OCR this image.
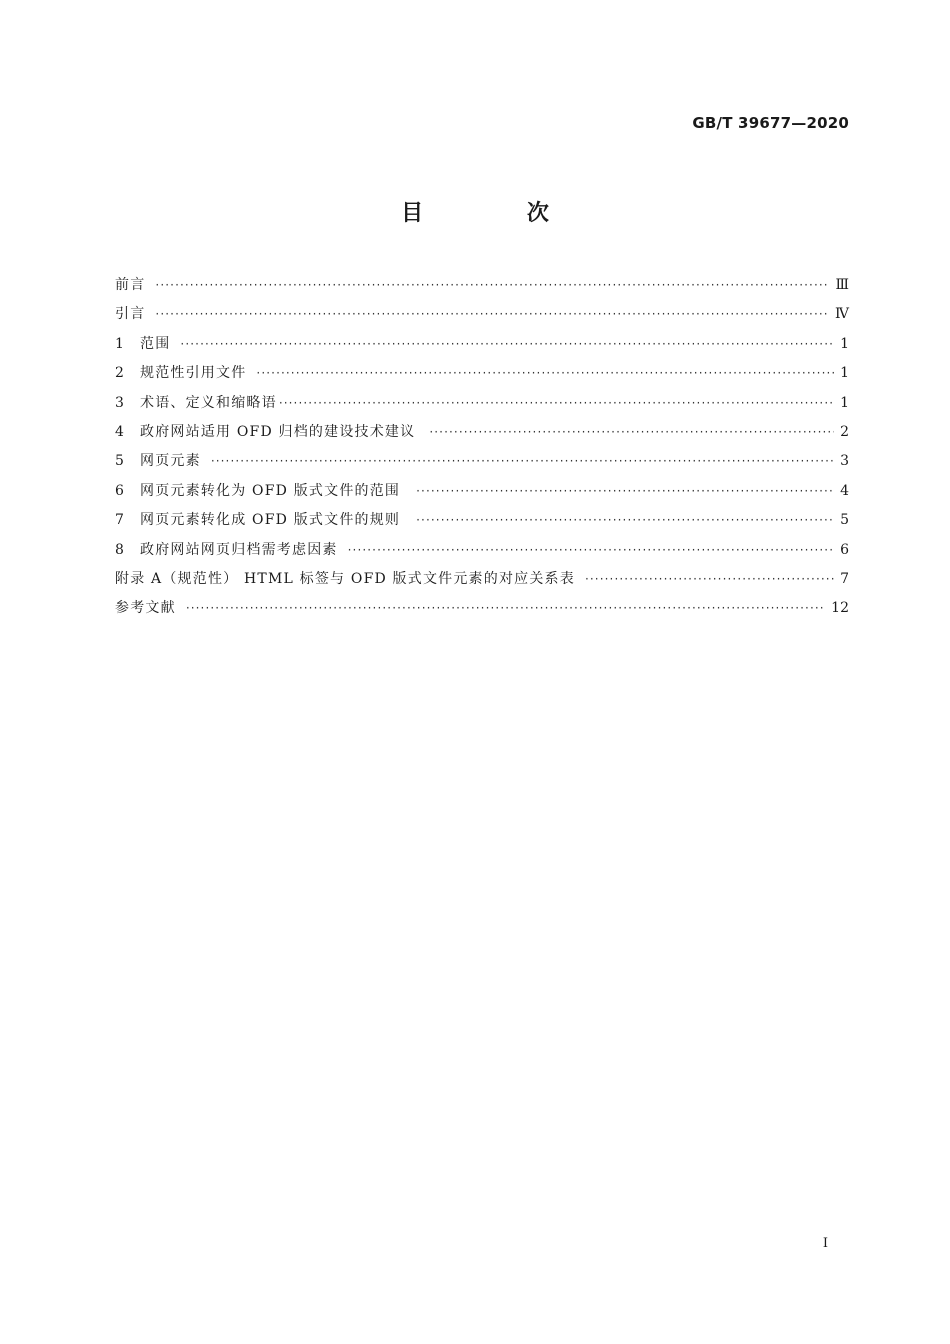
GB/T 39677—2020
目 次
前言 ·····	Ⅲ
引言 ·····	Ⅳ
1	范围 ·····	1
2	规范性引用文件 ·····	1
3	术语、定义和缩略语 ·····	1
4	政府网站适用 OFD 归档的建设技术建议 ·····	2
5	网页元素 ·····	3
6	网页元素转化为 OFD 版式文件的范围 ·····	4
7	网页元素转化成 OFD 版式文件的规则 ·····	5
8	政府网站网页归档需考虑因素 ·····	6
附录 A（规范性） HTML 标签与 OFD 版式文件元素的对应关系表 ·····	7
参考文献 ·····	12
Ⅰ
